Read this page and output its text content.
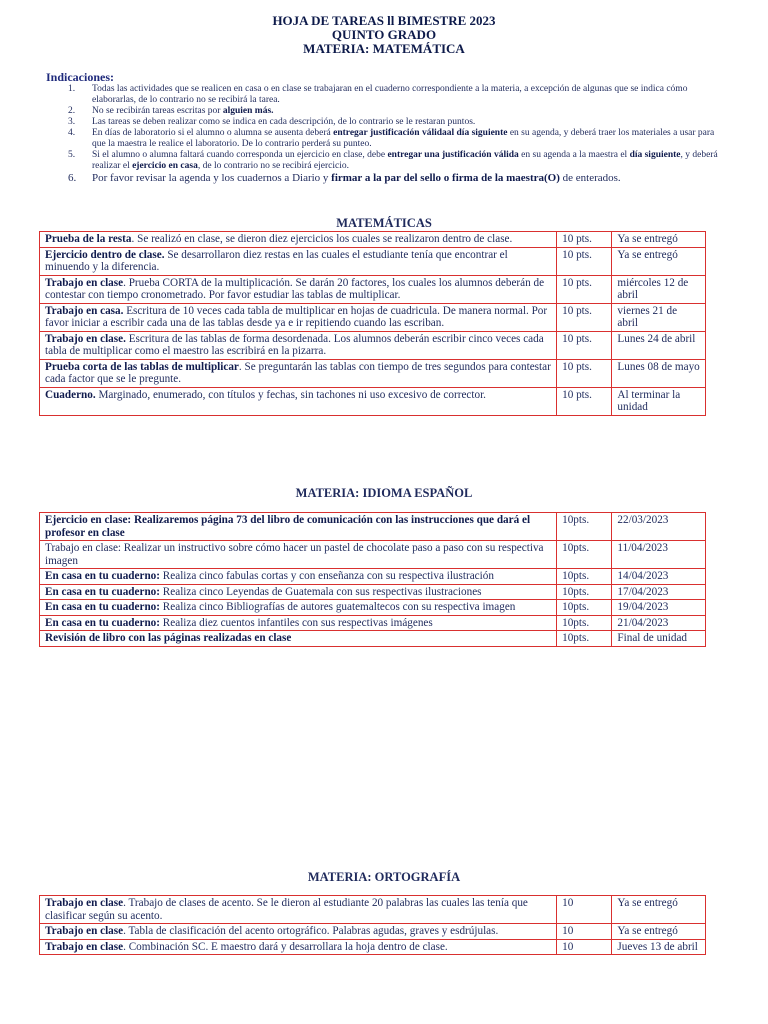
HOJA DE TAREAS ll BIMESTRE 2023
QUINTO GRADO
MATERIA: MATEMÁTICA
Indicaciones:
1. Todas las actividades que se realicen en casa o en clase se trabajaran en el cuaderno correspondiente a la materia, a excepción de algunas que se indica cómo elaborarlas, de lo contrario no se recibirá la tarea.
2. No se recibirán tareas escritas por alguien más.
3. Las tareas se deben realizar como se indica en cada descripción, de lo contrario se le restaran puntos.
4. En días de laboratorio si el alumno o alumna se ausenta deberá entregar justificación válidaal día siguiente en su agenda, y deberá traer los materiales a usar para que la maestra le realice el laboratorio. De lo contrario perderá su punteo.
5. Si el alumno o alumna faltará cuando corresponda un ejercicio en clase, debe entregar una justificación válida en su agenda a la maestra el día siguiente, y deberá realizar el ejercicio en casa, de lo contrario no se recibirá ejercicio.
6. Por favor revisar la agenda y los cuadernos a Diario y firmar a la par del sello o firma de la maestra(O) de enterados.
MATEMÁTICAS
Prueba de la resta. Se realizó en clase, se dieron diez ejercicios los cuales se realizaron dentro de clase.	10 pts.	Ya se entregó
Ejercicio dentro de clase. Se desarrollaron diez restas en las cuales el estudiante tenía que encontrar el minuendo y la diferencia.	10 pts.	Ya se entregó
Trabajo en clase. Prueba CORTA de la multiplicación. Se darán 20 factores, los cuales los alumnos deberán de contestar con tiempo cronometrado. Por favor estudiar las tablas de multiplicar.	10 pts.	miércoles 12 de abril
Trabajo en casa. Escritura de 10 veces cada tabla de multiplicar en hojas de cuadricula. De manera normal. Por favor iniciar a escribir cada una de las tablas desde ya e ir repitiendo cuando las escriban.	10 pts.	viernes 21 de abril
Trabajo en clase. Escritura de las tablas de forma desordenada. Los alumnos deberán escribir cinco veces cada tabla de multiplicar como el maestro las escribirá en la pizarra.	10 pts.	Lunes 24 de abril
Prueba corta de las tablas de multiplicar. Se preguntarán las tablas con tiempo de tres segundos para contestar cada factor que se le pregunte.	10 pts.	Lunes 08 de mayo
Cuaderno. Marginado, enumerado, con títulos y fechas, sin tachones ni uso excesivo de corrector.	10 pts.	Al terminar la unidad
MATERIA: IDIOMA ESPAÑOL
Ejercicio en clase: Realizaremos página 73 del libro de comunicación con las instrucciones que dará el profesor en clase	10pts.	22/03/2023
Trabajo en clase: Realizar un instructivo sobre cómo hacer un pastel de chocolate paso a paso con su respectiva imagen	10pts.	11/04/2023
En casa en tu cuaderno: Realiza cinco fabulas cortas y con enseñanza con su respectiva ilustración	10pts.	14/04/2023
En casa en tu cuaderno: Realiza cinco Leyendas de Guatemala con sus respectivas ilustraciones	10pts.	17/04/2023
En casa en tu cuaderno: Realiza cinco Bibliografías de autores guatemaltecos con su respectiva imagen	10pts.	19/04/2023
En casa en tu cuaderno: Realiza diez cuentos infantiles con sus respectivas imágenes	10pts.	21/04/2023
Revisión de libro con las páginas realizadas en clase	10pts.	Final de unidad
MATERIA: ORTOGRAFÍA
Trabajo en clase. Trabajo de clases de acento. Se le dieron al estudiante 20 palabras las cuales las tenía que clasificar según su acento.	10	Ya se entregó
Trabajo en clase. Tabla de clasificación del acento ortográfico. Palabras agudas, graves y esdrújulas.	10	Ya se entregó
Trabajo en clase. Combinación SC. E maestro dará y desarrollara la hoja dentro de clase.	10	Jueves 13 de abril
